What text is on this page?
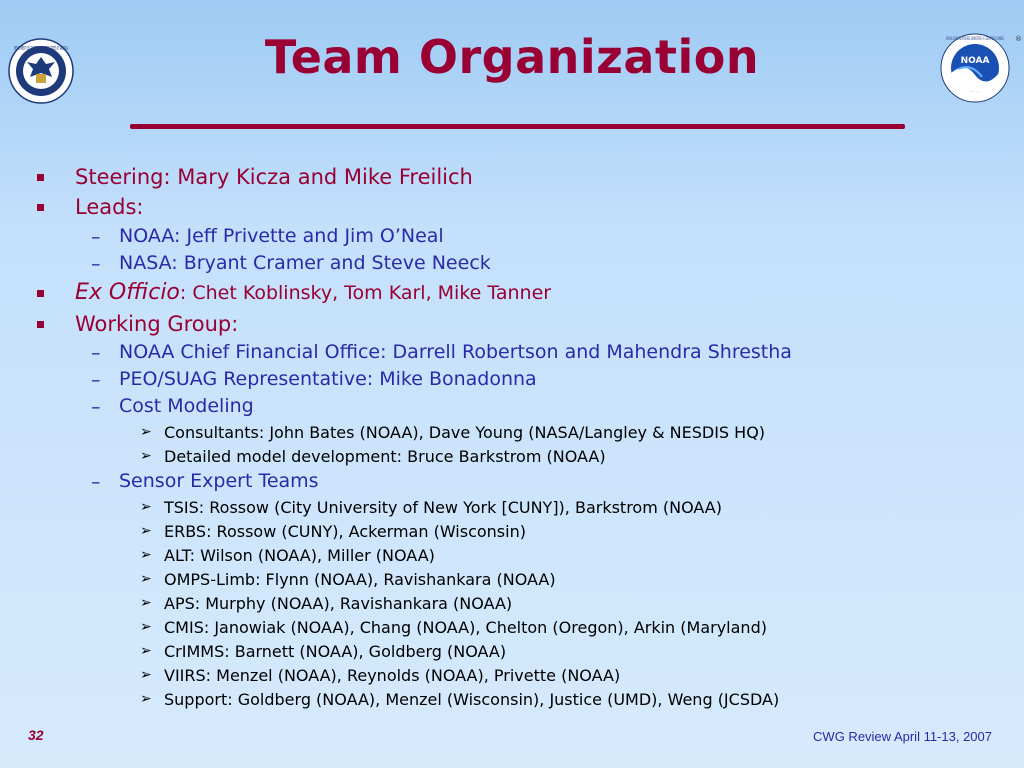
DEPARTMENT OF COMMERCE • UNITED STATES OF AMERICA
NOAA
NATIONAL OCEANIC AND ATMOSPHERIC ADMINISTRATION • U.S. DEPARTMENT OF COMMERCE ®
Team Organization
–
–
–
–
–
–
➢
➢
➢
➢
➢
➢
➢
➢
➢
➢
➢
Steering: Mary Kicza and Mike Freilich
Leads:
NOAA: Jeff Privette and Jim O’Neal
NASA: Bryant Cramer and Steve Neeck
Ex Officio: Chet Koblinsky, Tom Karl, Mike Tanner
Working Group:
NOAA Chief Financial Office: Darrell Robertson and Mahendra Shrestha
PEO/SUAG Representative: Mike Bonadonna
Cost Modeling
Consultants: John Bates (NOAA), Dave Young (NASA/Langley & NESDIS HQ)
Detailed model development: Bruce Barkstrom (NOAA)
Sensor Expert Teams
TSIS: Rossow (City University of New York [CUNY]), Barkstrom (NOAA)
ERBS: Rossow (CUNY), Ackerman (Wisconsin)
ALT: Wilson (NOAA), Miller (NOAA)
OMPS-Limb: Flynn (NOAA), Ravishankara (NOAA)
APS: Murphy (NOAA), Ravishankara (NOAA)
CMIS: Janowiak (NOAA), Chang (NOAA), Chelton (Oregon), Arkin (Maryland)
CrIMMS: Barnett (NOAA), Goldberg (NOAA)
VIIRS: Menzel (NOAA), Reynolds (NOAA), Privette (NOAA)
Support: Goldberg (NOAA), Menzel (Wisconsin), Justice (UMD), Weng (JCSDA)
32	CWG Review April 11-13, 2007
